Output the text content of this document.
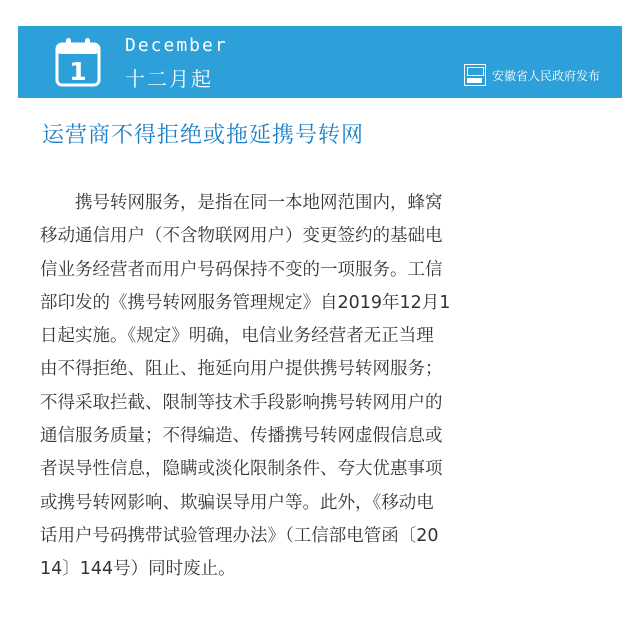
1
December
十二月起	安徽省人民政府发布
运营商不得拒绝或拖延携号转网
　　携号转网服务，是指在同一本地网范围内，蜂窝
移动通信用户（不含物联网用户）变更签约的基础电
信业务经营者而用户号码保持不变的一项服务。工信
部印发的《携号转网服务管理规定》自2019年12月1
日起实施。《规定》明确，电信业务经营者无正当理
由不得拒绝、阻止、拖延向用户提供携号转网服务；
不得采取拦截、限制等技术手段影响携号转网用户的
通信服务质量；不得编造、传播携号转网虚假信息或
者误导性信息，隐瞒或淡化限制条件、夸大优惠事项
或携号转网影响、欺骗误导用户等。此外，《移动电
话用户号码携带试验管理办法》（工信部电管函〔20
14〕144号）同时废止。
